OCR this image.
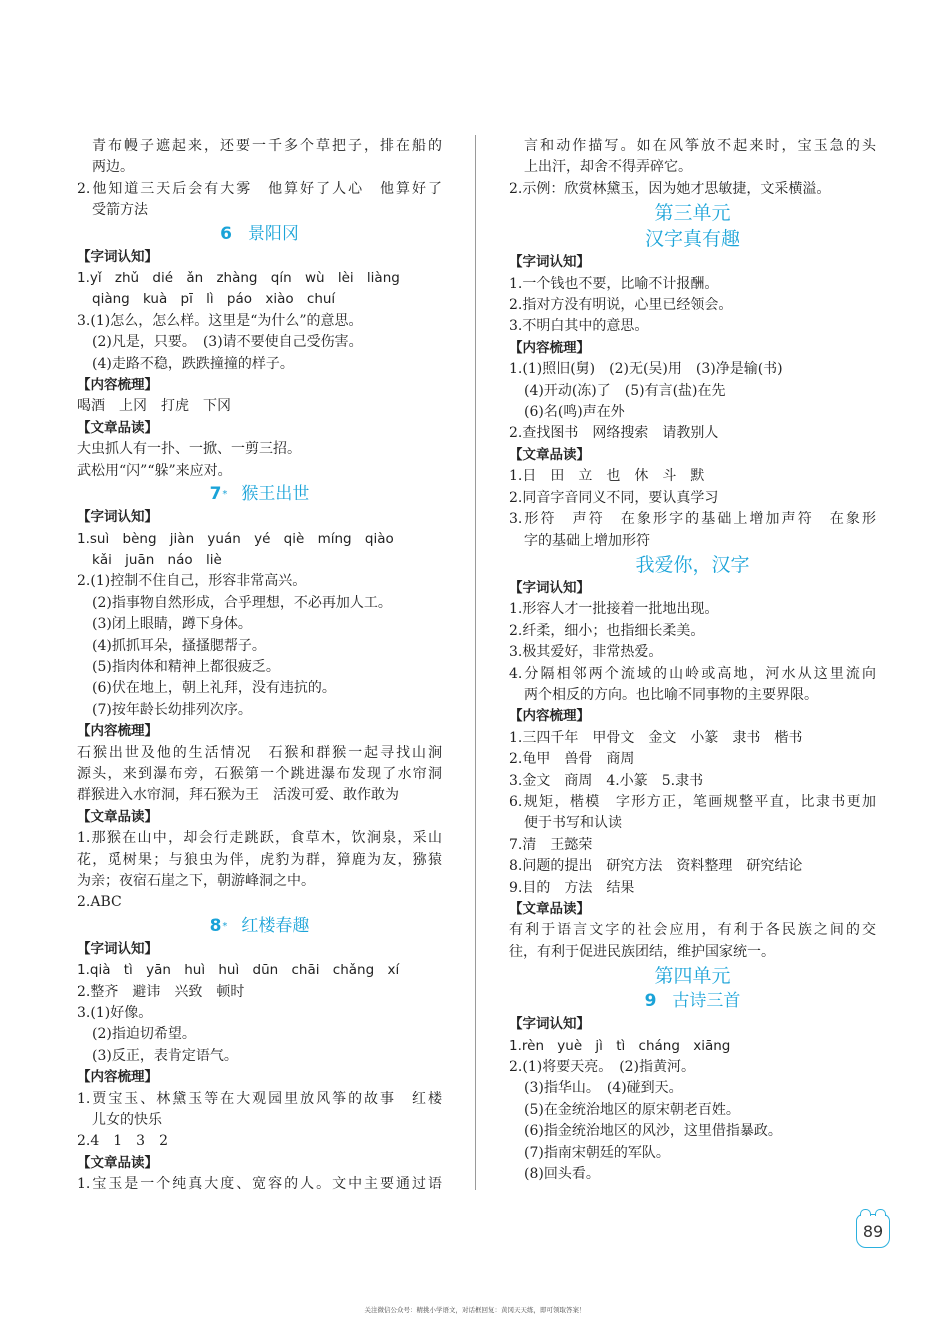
青布幔子遮起来，还要一千多个草把子，排在船的
两边。
2.他知道三天后会有大雾　他算好了人心　他算好了
受箭方法
6 景阳冈
【字词认知】
1.yǐ zhǔ dié ǎn zhàng qín wù lèi liàng
qiàng kuà pī lì páo xiào chuí
3.(1)怎么，怎么样。这里是“为什么”的意思。
(2)凡是，只要。　(3)请不要使自己受伤害。
(4)走路不稳，跌跌撞撞的样子。
【内容梳理】
喝酒　上冈　打虎　下冈
【文章品读】
大虫抓人有一扑、一掀、一剪三招。
武松用“闪”“躲”来应对。
7* 猴王出世
【字词认知】
1.suì bèng jiàn yuán yé qiè míng qiào
kǎi juān náo liè
2.(1)控制不住自己，形容非常高兴。
(2)指事物自然形成，合乎理想，不必再加人工。
(3)闭上眼睛，蹲下身体。
(4)抓抓耳朵，搔搔腮帮子。
(5)指肉体和精神上都很疲乏。
(6)伏在地上，朝上礼拜，没有违抗的。
(7)按年龄长幼排列次序。
【内容梳理】
石猴出世及他的生活情况　石猴和群猴一起寻找山涧
源头，来到瀑布旁，石猴第一个跳进瀑布发现了水帘洞
群猴进入水帘洞，拜石猴为王　活泼可爱、敢作敢为
【文章品读】
1.那猴在山中，却会行走跳跃，食草木，饮涧泉，采山
花，觅树果；与狼虫为伴，虎豹为群，獐鹿为友，猕猿
为亲；夜宿石崖之下，朝游峰洞之中。
2.ABC
8* 红楼春趣
【字词认知】
1.qià tì yān huì huì dūn chāi chǎng xí
2.整齐　避讳　兴致　顿时
3.(1)好像。
(2)指迫切希望。
(3)反正，表肯定语气。
【内容梳理】
1.贾宝玉、林黛玉等在大观园里放风筝的故事　红楼
儿女的快乐
2.4　1　3　2
【文章品读】
1.宝玉是一个纯真大度、宽容的人。文中主要通过语
言和动作描写。如在风筝放不起来时，宝玉急的头
上出汗，却舍不得弄碎它。
2.示例：欣赏林黛玉，因为她才思敏捷，文采横溢。
第三单元
汉字真有趣
【字词认知】
1.一个钱也不要，比喻不计报酬。
2.指对方没有明说，心里已经领会。
3.不明白其中的意思。
【内容梳理】
1.(1)照旧(舅)　(2)无(吴)用　(3)净是输(书)
(4)开动(冻)了　(5)有言(盐)在先
(6)名(鸣)声在外
2.查找图书　网络搜索　请教别人
【文章品读】
1.日　田　立　也　休　斗　默
2.同音字音同义不同，要认真学习
3.形符　声符　在象形字的基础上增加声符　在象形
字的基础上增加形符
我爱你，汉字
【字词认知】
1.形容人才一批接着一批地出现。
2.纤柔，细小；也指细长柔美。
3.极其爱好，非常热爱。
4.分隔相邻两个流域的山岭或高地，河水从这里流向
两个相反的方向。也比喻不同事物的主要界限。
【内容梳理】
1.三四千年　甲骨文　金文　小篆　隶书　楷书
2.龟甲　兽骨　商周
3.金文　商周　4.小篆　5.隶书
6.规矩，楷模　字形方正，笔画规整平直，比隶书更加
便于书写和认读
7.清　王懿荣
8.问题的提出　研究方法　资料整理　研究结论
9.目的　方法　结果
【文章品读】
有利于语言文字的社会应用，有利于各民族之间的交
往，有利于促进民族团结，维护国家统一。
第四单元
9 古诗三首
【字词认知】
1.rèn yuè jì tì cháng xiāng
2.(1)将要天亮。　(2)指黄河。
(3)指华山。　(4)碰到天。
(5)在金统治地区的原宋朝老百姓。
(6)指金统治地区的风沙，这里借指暴政。
(7)指南宋朝廷的军队。
(8)回头看。
89
关注微信公众号：精挑小学语文，对话框回复：黄冈天天练，即可领取答案！
